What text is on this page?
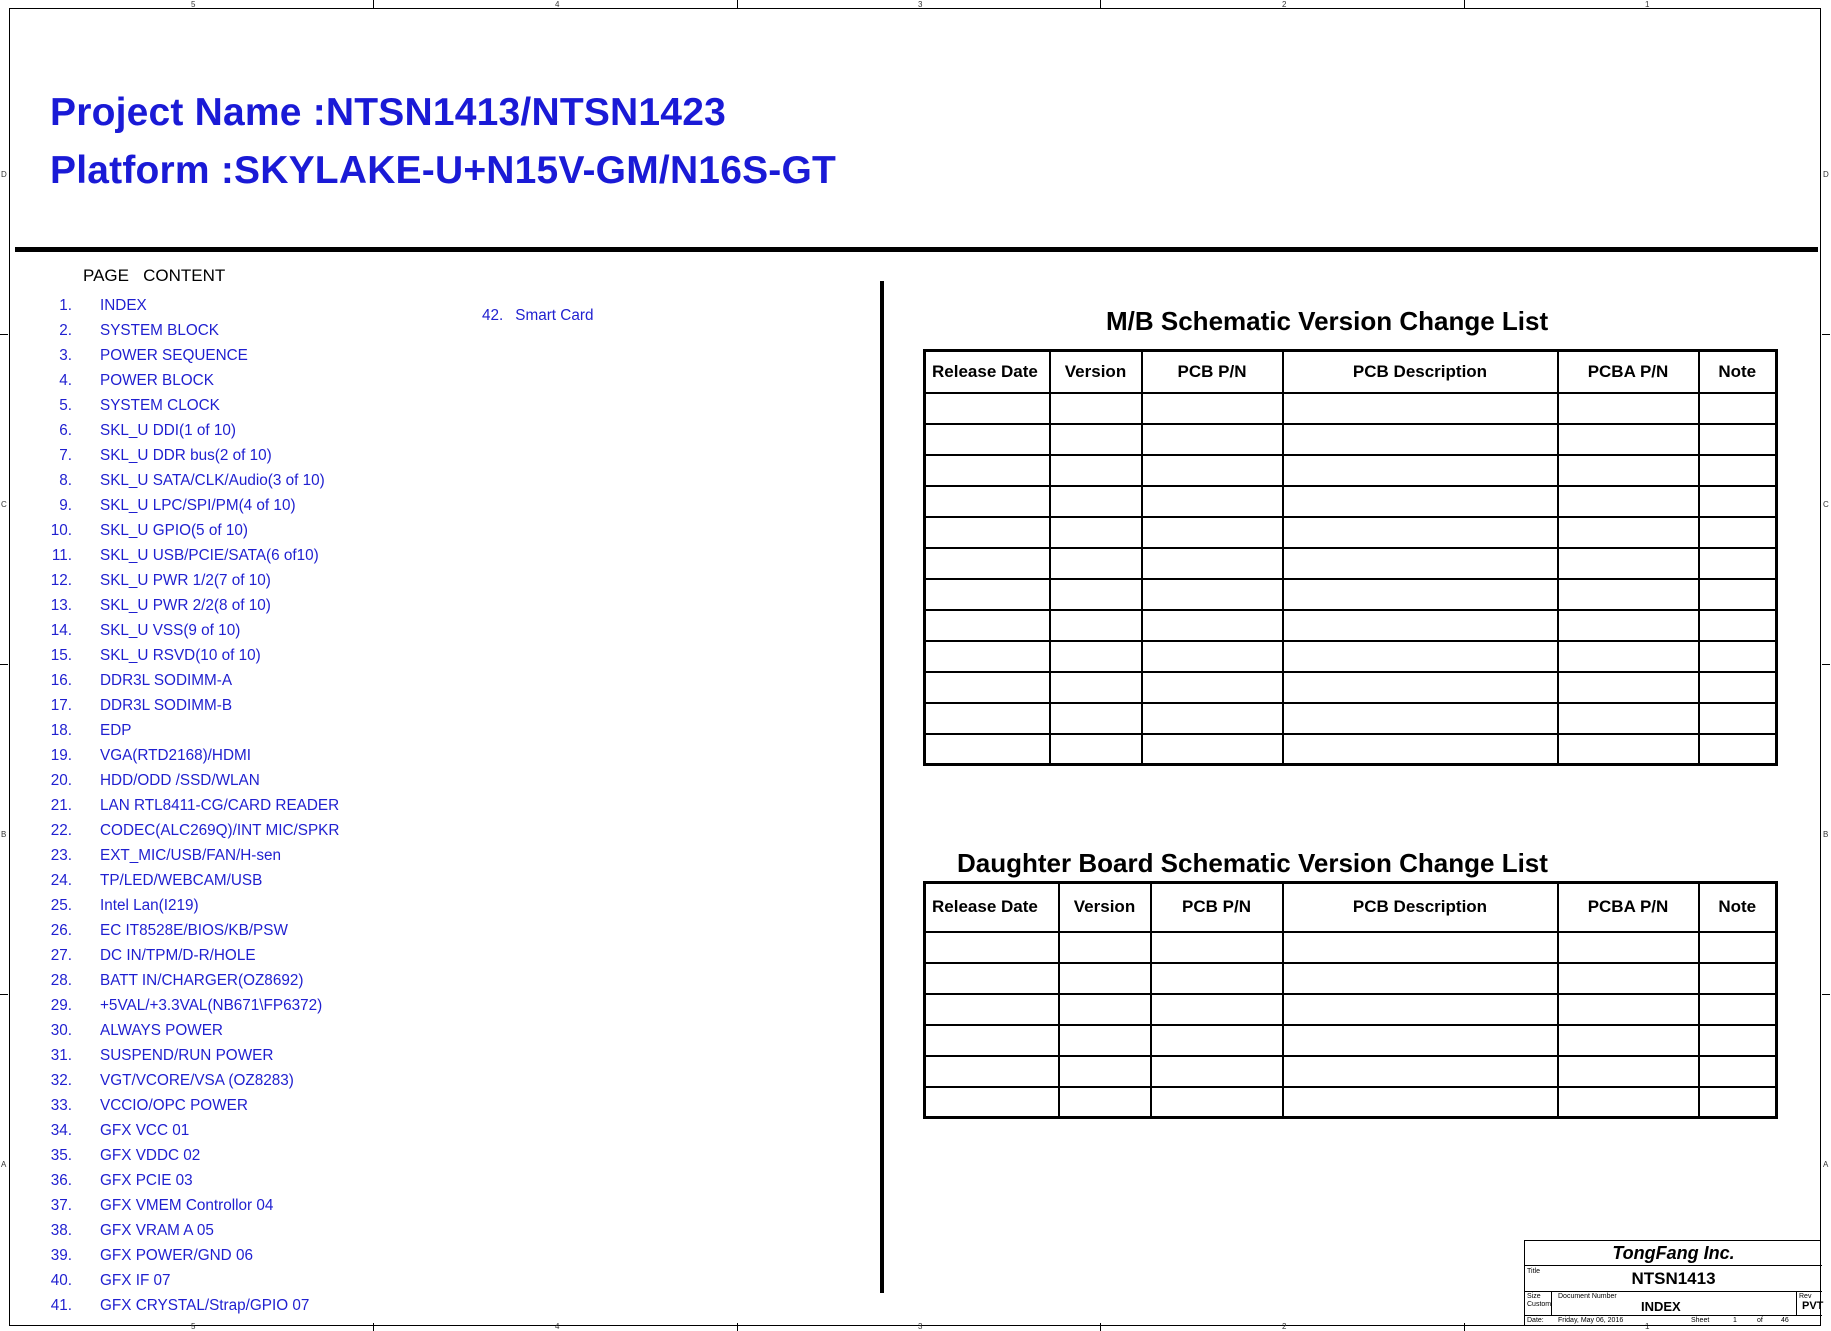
5
5
4
4
3
3
2
2
1
1
D	D
C	C
B	B
A	A
Project Name :NTSN1413/NTSN1423
Platform :SKYLAKE-U+N15V-GM/N16S-GT
PAGE   CONTENT
1. INDEX
2. SYSTEM BLOCK
3. POWER SEQUENCE
4. POWER BLOCK
5. SYSTEM CLOCK
6. SKL_U DDI(1 of 10)
7. SKL_U DDR bus(2 of 10)
8. SKL_U SATA/CLK/Audio(3 of 10)
9. SKL_U LPC/SPI/PM(4 of 10)
10. SKL_U GPIO(5 of 10)
11. SKL_U USB/PCIE/SATA(6 of10)
12. SKL_U PWR 1/2(7 of 10)
13. SKL_U PWR 2/2(8 of 10)
14. SKL_U VSS(9 of 10)
15. SKL_U RSVD(10 of 10)
16. DDR3L SODIMM-A
17. DDR3L SODIMM-B
18. EDP
19. VGA(RTD2168)/HDMI
20. HDD/ODD /SSD/WLAN
21. LAN RTL8411-CG/CARD READER
22. CODEC(ALC269Q)/INT MIC/SPKR
23. EXT_MIC/USB/FAN/H-sen
24. TP/LED/WEBCAM/USB
25. Intel Lan(I219)
26. EC IT8528E/BIOS/KB/PSW
27. DC IN/TPM/D-R/HOLE
28. BATT IN/CHARGER(OZ8692)
29. +5VAL/+3.3VAL(NB671\FP6372)
30. ALWAYS POWER
31. SUSPEND/RUN POWER
32. VGT/VCORE/VSA (OZ8283)
33. VCCIO/OPC POWER
34. GFX VCC 01
35. GFX VDDC 02
36. GFX PCIE 03
37. GFX VMEM Controllor 04
38. GFX VRAM A 05
39. GFX POWER/GND 06
40. GFX IF 07
41. GFX CRYSTAL/Strap/GPIO 07
42. Smart Card	M/B Schematic Version Change List
Release Date	Version	PCB P/N	PCB Description	PCBA P/N	Note

Daughter Board Schematic Version Change List
Release Date	Version	PCB P/N	PCB Description	PCBA P/N	Note

TongFang Inc.
Title	NTSN1413
Size
Custom
Document Number
INDEX
Rev
PVT
Date: Friday, May 06, 2016	Sheet	1	of	46
